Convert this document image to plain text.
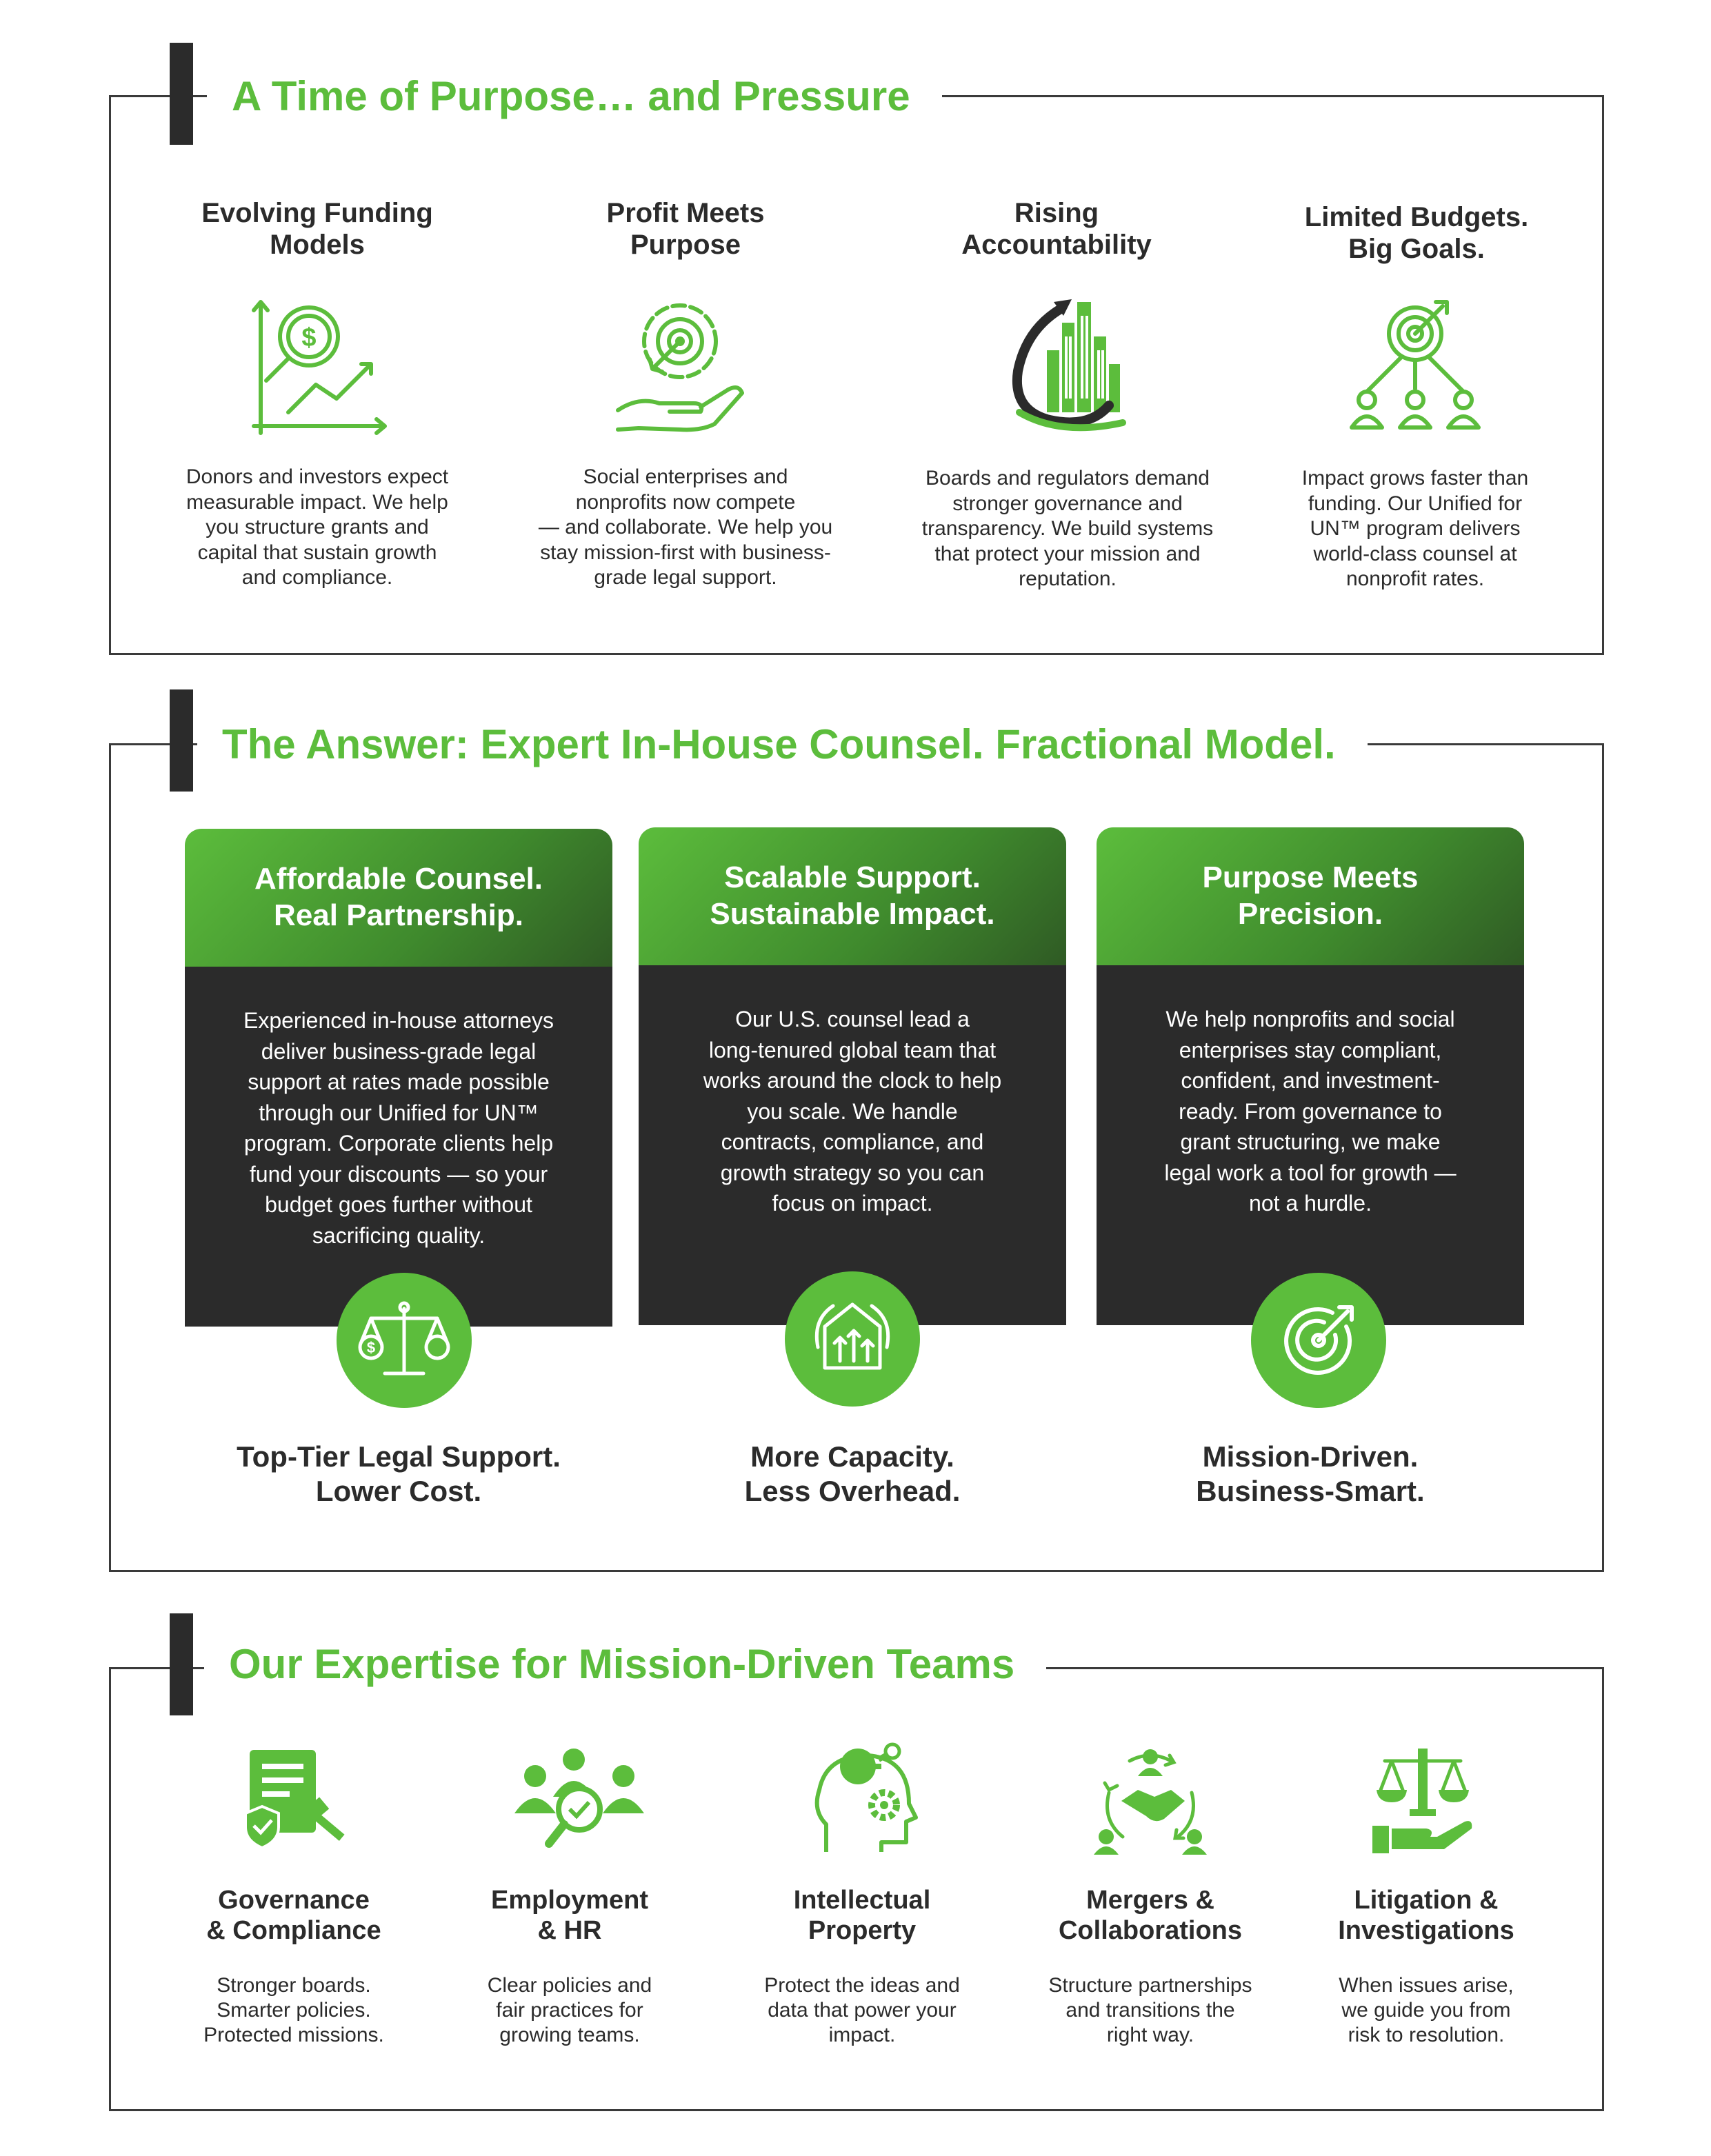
A Time of Purpose… and Pressure
Evolving Funding
Models
$
Donors and investors expect
measurable impact. We help
you structure grants and
capital that sustain growth
and compliance.
Profit Meets
Purpose
Social enterprises and
nonprofits now compete
— and collaborate. We help you
stay mission-first with business-
grade legal support.
Rising
Accountability
Boards and regulators demand
stronger governance and
transparency. We build systems
that protect your mission and
reputation.
Limited Budgets.
Big Goals.
Impact grows faster than
funding. Our Unified for
UN™ program delivers
world-class counsel at
nonprofit rates.
The Answer: Expert In-House Counsel. Fractional Model.
Affordable Counsel.
Real Partnership.
Experienced in-house attorneys
deliver business-grade legal
support at rates made possible
through our Unified for UN™
program. Corporate clients help
fund your discounts — so your
budget goes further without
sacrificing quality.
$
Top-Tier Legal Support.
Lower Cost.
Scalable Support.
Sustainable Impact.
Our U.S. counsel lead a
long-tenured global team that
works around the clock to help
you scale. We handle
contracts, compliance, and
growth strategy so you can
focus on impact.
More Capacity.
Less Overhead.
Purpose Meets
Precision.
We help nonprofits and social
enterprises stay compliant,
confident, and investment-
ready. From governance to
grant structuring, we make
legal work a tool for growth —
not a hurdle.
Mission-Driven.
Business-Smart.
Our Expertise for Mission-Driven Teams
Governance
& Compliance
Stronger boards.
Smarter policies.
Protected missions.
Employment
& HR
Clear policies and
fair practices for
growing teams.
Intellectual
Property
Protect the ideas and
data that power your
impact.
Mergers &
Collaborations
Structure partnerships
and transitions the
right way.
Litigation &
Investigations
When issues arise,
we guide you from
risk to resolution.
